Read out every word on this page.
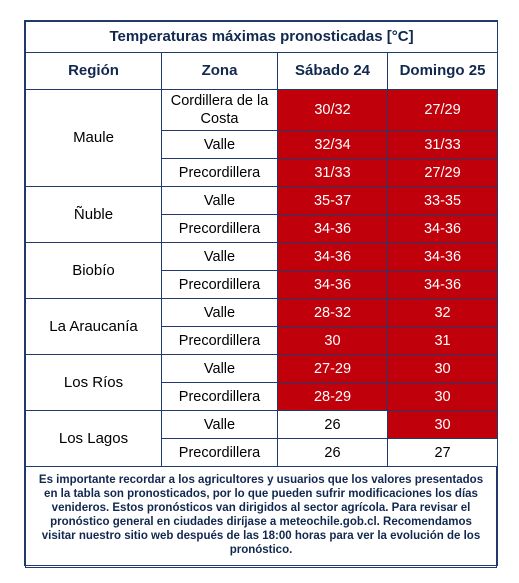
Temperaturas máximas pronosticadas [°C]			
Región	Zona	Sábado 24	Domingo 25
Maule	Cordillera de la Costa	30/32	27/29
	Valle	32/34	31/33
	Precordillera	31/33	27/29
Ñuble	Valle	35-37	33-35
	Precordillera	34-36	34-36
Biobío	Valle	34-36	34-36
	Precordillera	34-36	34-36
La Araucanía	Valle	28-32	32
	Precordillera	30	31
Los Ríos	Valle	27-29	30
	Precordillera	28-29	30
Los Lagos	Valle	26	30
	Precordillera	26	27
Es importante recordar a los agricultores y usuarios que los valores presentados en la tabla son pronosticados, por lo que pueden sufrir modificaciones los días venideros. Estos pronósticos van dirigidos al sector agrícola. Para revisar el pronóstico general en ciudades diríjase a meteochile.gob.cl. Recomendamos visitar nuestro sitio web después de las 18:00 horas para ver la evolución de los pronóstico.
